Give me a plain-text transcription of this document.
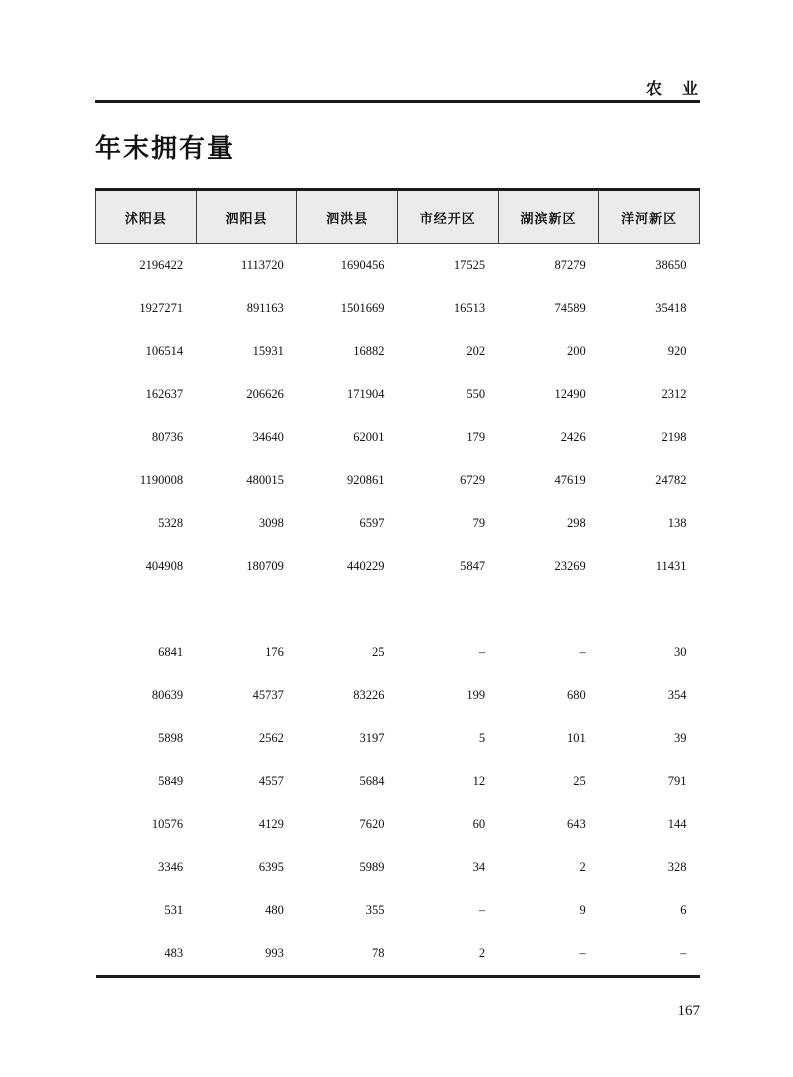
农　业
年末拥有量
沭阳县	泗阳县	泗洪县	市经开区	湖滨新区	洋河新区
2196422	1113720	1690456	17525	87279	38650
1927271	891163	1501669	16513	74589	35418
106514	15931	16882	202	200	920
162637	206626	171904	550	12490	2312
80736	34640	62001	179	2426	2198
1190008	480015	920861	6729	47619	24782
5328	3098	6597	79	298	138
404908	180709	440229	5847	23269	11431

6841	176	25	–	–	30
80639	45737	83226	199	680	354
5898	2562	3197	5	101	39
5849	4557	5684	12	25	791
10576	4129	7620	60	643	144
3346	6395	5989	34	2	328
531	480	355	–	9	6
483	993	78	2	–	–
167
